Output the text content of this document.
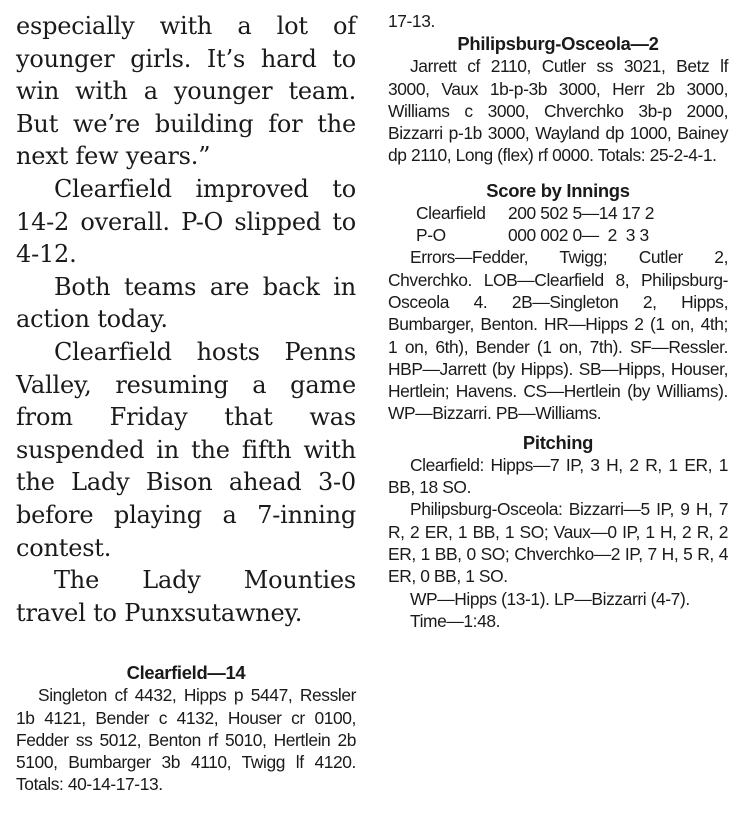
especially with a lot of younger girls. It’s hard to win with a younger team. But we’re building for the next few years.”

Clearfield improved to 14-2 overall. P-O slipped to 4-12.

Both teams are back in action today.

Clearfield hosts Penns Valley, resuming a game from Friday that was suspended in the fifth with the Lady Bison ahead 3-0 before playing a 7-inning contest.

The Lady Mounties travel to Punxsutawney.

Clearfield—14

Singleton cf 4432, Hipps p 5447, Ressler 1b 4121, Bender c 4132, Houser cr 0100, Fedder ss 5012, Benton rf 5010, Hertlein 2b 5100, Bumbarger 3b 4110, Twigg lf 4120. Totals: 40-14-17-13.

17-13.

Philipsburg-Osceola—2

Jarrett cf 2110, Cutler ss 3021, Betz lf 3000, Vaux 1b-p-3b 3000, Herr 2b 3000, Williams c 3000, Chverchko 3b-p 2000, Bizzarri p-1b 3000, Wayland dp 1000, Bainey dp 2110, Long (flex) rf 0000. Totals: 25-2-4-1.

Score by Innings
Clearfield	200 502 5—14 17 2
P-O	000 002 0—  2  3 3

Errors—Fedder, Twigg; Cutler 2, Chverchko. LOB—Clearfield 8, Philipsburg-Osceola 4. 2B—Singleton 2, Hipps, Bumbarger, Benton. HR—Hipps 2 (1 on, 4th; 1 on, 6th), Bender (1 on, 7th). SF—Ressler. HBP—Jarrett (by Hipps). SB—Hipps, Houser, Hertlein; Havens. CS—Hertlein (by Williams). WP—Bizzarri. PB—Williams.

Pitching

Clearfield: Hipps—7 IP, 3 H, 2 R, 1 ER, 1 BB, 18 SO.

Philipsburg-Osceola: Bizzarri—5 IP, 9 H, 7 R, 2 ER, 1 BB, 1 SO; Vaux—0 IP, 1 H, 2 R, 2 ER, 1 BB, 0 SO; Chverchko—2 IP, 7 H, 5 R, 4 ER, 0 BB, 1 SO.

WP—Hipps (13-1). LP—Bizzarri (4-7).

Time—1:48.
